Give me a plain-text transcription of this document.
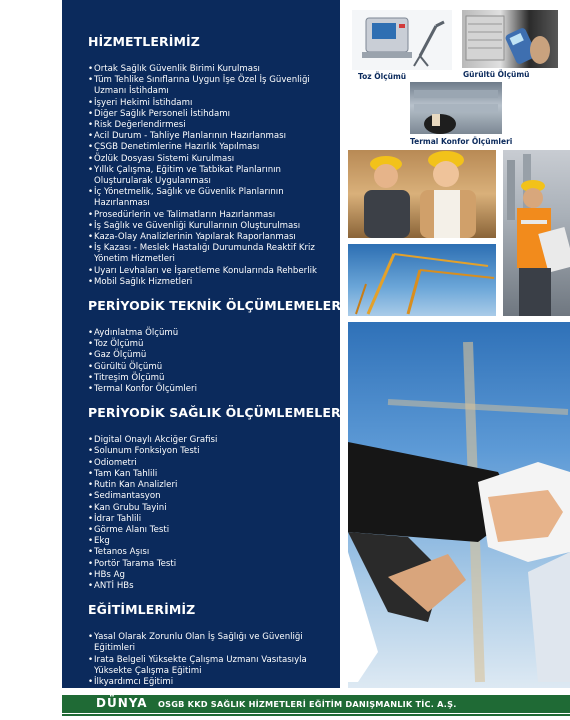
HİZMETLERİMİZ
• Ortak Sağlık Güvenlik Birimi Kurulması
• Tüm Tehlike Sınıflarına Uygun İşe Özel İş Güvenliği Uzmanı İstihdamı
• İşyeri Hekimi İstihdamı
• Diğer Sağlık Personeli İstihdamı
• Risk Değerlendirmesi
• Acil Durum - Tahliye Planlarının Hazırlanması
• ÇSGB Denetimlerine Hazırlık Yapılması
• Özlük Dosyası Sistemi Kurulması
• Yıllık Çalışma, Eğitim ve Tatbikat Planlarının Oluşturularak Uygulanması
• İç Yönetmelik, Sağlık ve Güvenlik Planlarının Hazırlanması
• Prosedürlerin ve Talimatların Hazırlanması
• İş Sağlık ve Güvenliği Kurullarının Oluşturulması
• Kaza-Olay Analizlerinin Yapılarak Raporlanması
• İş Kazası - Meslek Hastalığı Durumunda Reaktif Kriz Yönetim Hizmetleri
• Uyarı Levhaları ve İşaretleme Konularında Rehberlik
• Mobil Sağlık Hizmetleri
PERİYODİK TEKNİK ÖLÇÜMLEMELER
• Aydınlatma Ölçümü
• Toz Ölçümü
• Gaz Ölçümü
• Gürültü Ölçümü
• Titreşim Ölçümü
• Termal Konfor Ölçümleri
PERİYODİK SAĞLIK ÖLÇÜMLEMELERİ
• Digital Onaylı Akciğer Grafisi
• Solunum Fonksiyon Testi
• Odiometri
• Tam Kan Tahlili
• Rutin Kan Analizleri
• Sedimantasyon
• Kan Grubu Tayini
• İdrar Tahlili
• Görme Alanı Testi
• Ekg
• Tetanos Aşısı
• Portör Tarama Testi
• HBs Ag
• ANTİ HBs
EĞİTİMLERİMİZ
• Yasal Olarak Zorunlu Olan İş Sağlığı ve Güvenliği Eğitimleri
• Irata Belgeli Yüksekte Çalışma Uzmanı Vasıtasıyla Yüksekte Çalışma Eğitimi
• İlkyardımcı Eğitimi
•
Toz Ölçümü	Gürültü Ölçümü
Termal Konfor Ölçümleri
DÜNYA OSGB KKD SAĞLIK HİZMETLERİ EĞİTİM DANIŞMANLIK TİC. A.Ş.
